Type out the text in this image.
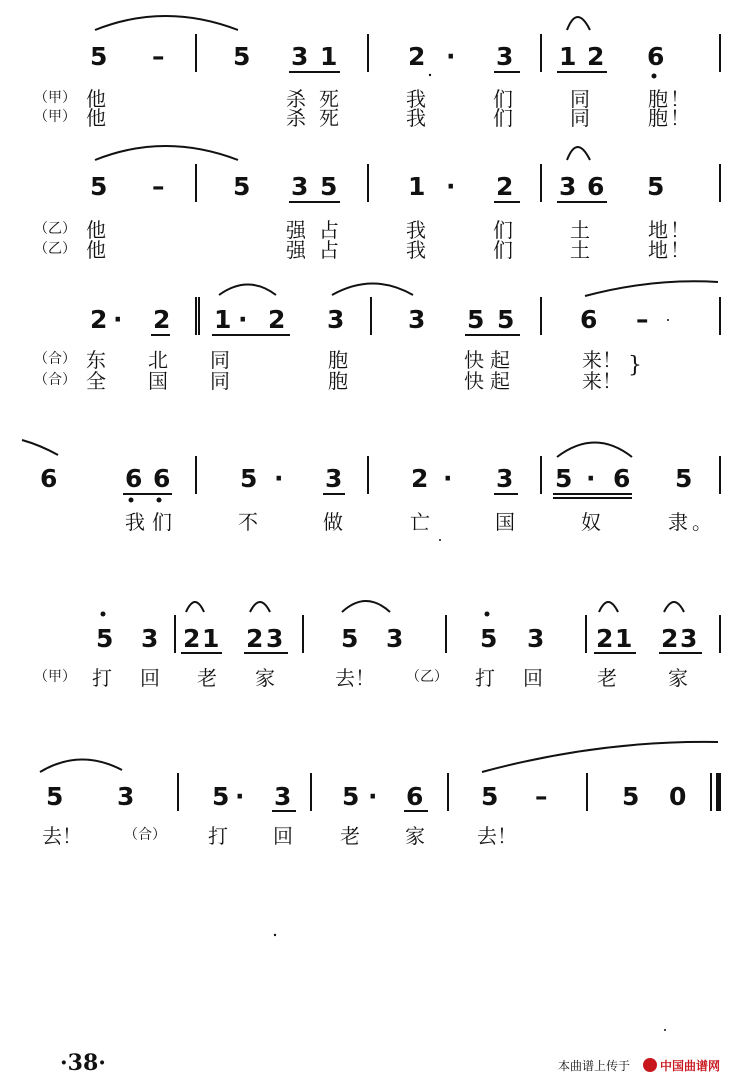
5 –	5 3 1	2 · 3 1 2 6
（甲） 他	杀 死	我	们	同	胞 ！
（甲） 他	杀 死	我	们	同	胞 ！
5 –	5 3 5	1 · 2 3 6 5
（乙） 他	强 占	我	们	土	地 ！
（乙） 他	强 占	我	们	土	地 ！
2 · 2 1 · 2 3	3 5 5	6 –
（合） 东 北 同	胞	快 起	来 ！
（合） 全 国 同	胞	快 起	来 ！
}
6	6 6	5 · 3	2 · 3 5 · 6 5
我 们	不	做	亡	国	奴	隶 。
5 3 2 1 2 3 5 3	5 3 2 1 2 3
（甲） 打 回 老 家	去 ！ （乙） 打 回	老	家
5 3	5 · 3 5 · 6 5 –	5 0
去 ！	（合） 打 回 老 家	去 ！
·38·	本曲谱上传于 中国曲谱网
